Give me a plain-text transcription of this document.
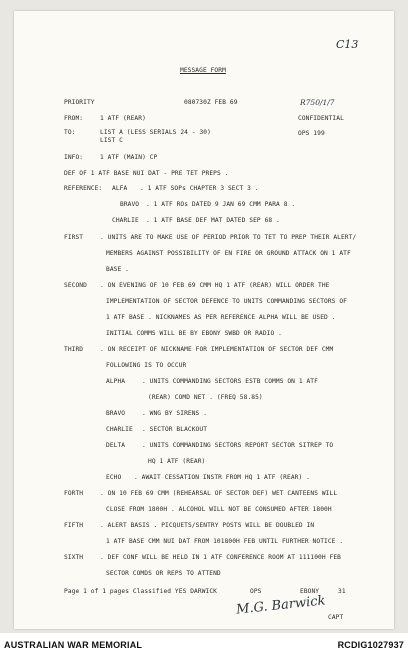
C13
MESSAGE FORM
PRIORITY	080730Z FEB 69	R750/1/7
FROM:	1 ATF (REAR)	CONFIDENTIAL
TO:	LIST A (LESS SERIALS 24 - 30)
LIST C
OPS 199
INFO:	1 ATF (MAIN) CP
DEF OF 1 ATF BASE NUI DAT - PRE TET PREPS .
REFERENCE: ALFA . 1 ATF SOPs CHAPTER 3 SECT 3 .
BRAVO . 1 ATF ROs DATED 9 JAN 69 CMM PARA 8 .
CHARLIE . 1 ATF BASE DEF MAT DATED SEP 68 .
FIRST	. UNITS ARE TO MAKE USE OF PERIOD PRIOR TO TET TO PREP THEIR ALERT/
MEMBERS AGAINST POSSIBILITY OF EN FIRE OR GROUND ATTACK ON 1 ATF
BASE .
SECOND . ON EVENING OF 10 FEB 69 CMM HQ 1 ATF (REAR) WILL ORDER THE
IMPLEMENTATION OF SECTOR DEFENCE TO UNITS COMMANDING SECTORS OF
1 ATF BASE . NICKNAMES AS PER REFERENCE ALPHA WILL BE USED .
INITIAL COMMS WILL BE BY EBONY SWBD OR RADIO .
THIRD	. ON RECEIPT OF NICKNAME FOR IMPLEMENTATION OF SECTOR DEF CMM
FOLLOWING IS TO OCCUR
ALPHA	. UNITS COMMANDING SECTORS ESTB COMMS ON 1 ATF
(REAR) COMD NET . (FREQ 58.85)
BRAVO	. WNG BY SIRENS .
CHARLIE . SECTOR BLACKOUT
DELTA	. UNITS COMMANDING SECTORS REPORT SECTOR SITREP TO
HQ 1 ATF (REAR)
ECHO . AWAIT CESSATION INSTR FROM HQ 1 ATF (REAR) .
FORTH	. ON 10 FEB 69 CMM (REHEARSAL OF SECTOR DEF) WET CANTEENS WILL
CLOSE FROM 1800H . ALCOHOL WILL NOT BE CONSUMED AFTER 1800H
FIFTH	. ALERT BASIS . PICQUETS/SENTRY POSTS WILL BE DOUBLED IN
1 ATF BASE CMM NUI DAT FROM 101800H FEB UNTIL FURTHER NOTICE .
SIXTH	. DEF CONF WILL BE HELD IN 1 ATF CONFERENCE ROOM AT 111100H FEB
SECTOR COMDS OR REPS TO ATTEND
Page 1 of 1 pages Classified YES DARWICK	OPS	EBONY	31
M.G. Barwick CAPT
AUSTRALIAN WAR MEMORIAL	RCDIG1027937
